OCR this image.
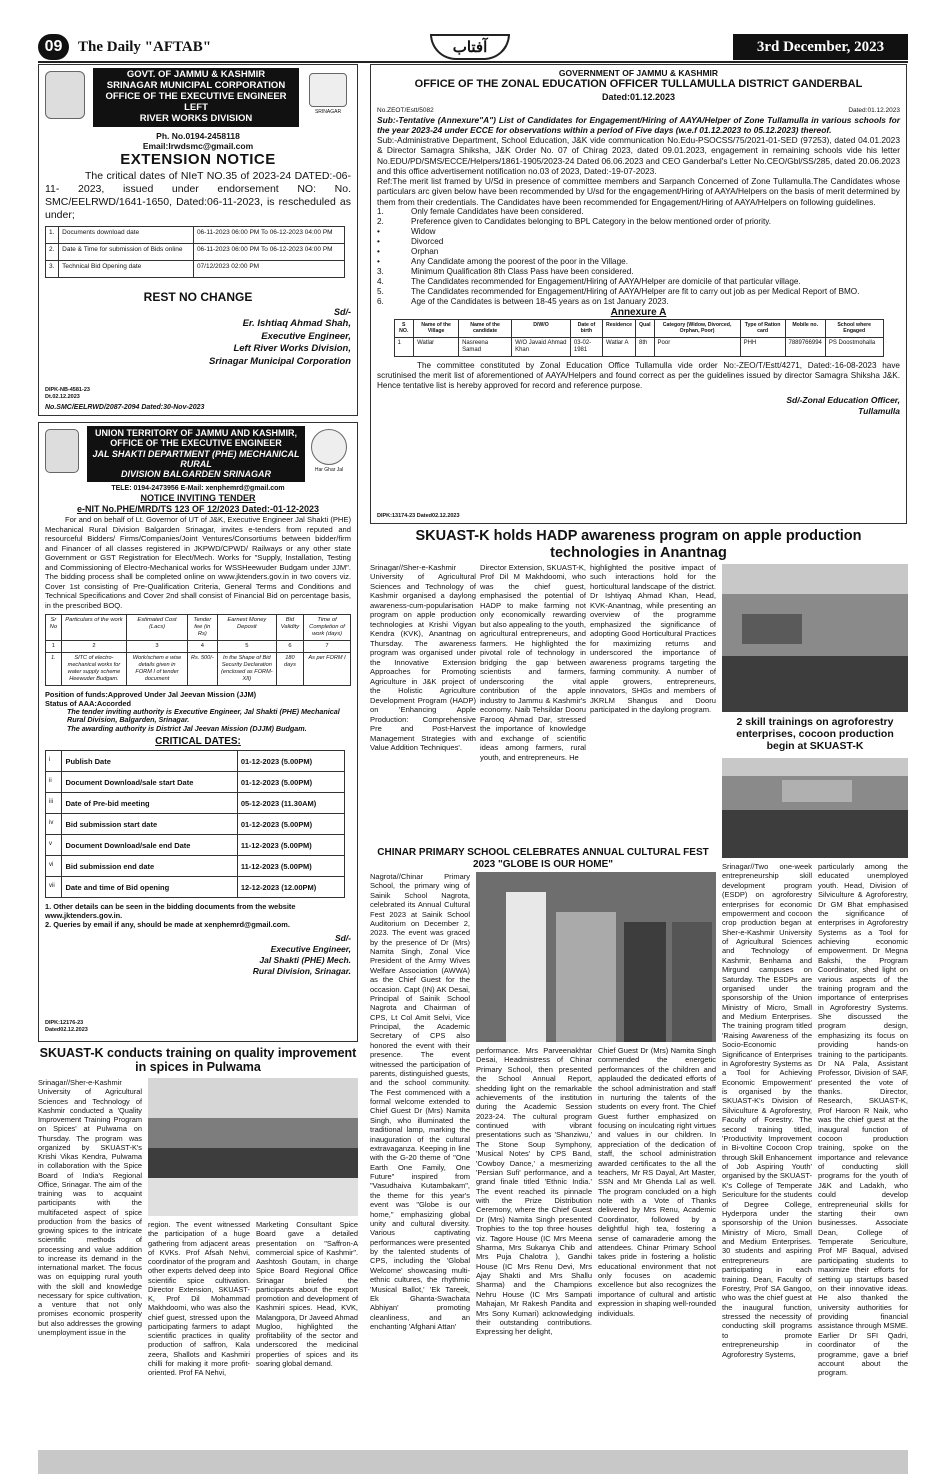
09	The Daily "AFTAB"	آفتاب	3rd December, 2023
SRINAGAR
GOVT. OF JAMMU & KASHMIR
SRINAGAR MUNICIPAL CORPORATION
OFFICE OF THE EXECUTIVE ENGINEER LEFT
RIVER WORKS DIVISION
Ph. No.0194-2458118
Email:lrwdsmc@gmail.com
EXTENSION NOTICE
The critical dates of NIeT NO.35 of 2023-24 DATED:-06-11- 2023, issued under endorsement NO: No. SMC/EELRWD/1641-1650, Dated:06-11-2023, is rescheduled as under;
1.	Documents download date	06-11-2023 06:00 PM To 06-12-2023 04:00 PM
2.	Date & Time for submission of Bids online	06-11-2023 06:00 PM To 06-12-2023 04:00 PM
3.	Technical Bid Opening date	07/12/2023 02:00 PM
REST NO CHANGE
Sd/-
Er. Ishtiaq Ahmad Shah,
Executive Engineer,
Left River Works Division,
Srinagar Municipal Corporation
DIPK-NB-4581-23
Dt.02.12.2023
No.SMC/EELRWD/2087-2094 Dated:30-Nov-2023
Har Ghar Jal
UNION TERRITORY OF JAMMU AND KASHMIR,
OFFICE OF THE EXECUTIVE ENGINEER
JAL SHAKTI DEPARTMENT (PHE) MECHANICAL RURAL
DIVISION BALGARDEN SRINAGAR
TELE: 0194-2473956 E-Mail: xenphemrd@gmail.com
NOTICE INVITING TENDER
e-NIT No.PHE/MRD/TS 123 OF 12/2023 Dated:-01-12-2023
For and on behalf of Lt. Governor of UT of J&K, Executive Engineer Jal Shakti (PHE) Mechanical Rural Division Balgarden Srinagar, invites e-tenders from reputed and resourceful Bidders/ Firms/Companies/Joint Ventures/Consortiums between bidder/firm and Financer of all classes registered in JKPWD/CPWD/ Railways or any other state Government or GST Registration for Elect/Mech. Works for "Supply, Installation, Testing and Commissioning of Electro-Mechanical works for WSSHeewuder Budgam under JJM". The bidding process shall be completed online on www.jktenders.gov.in in two covers viz. Cover 1st consisting of Pre-Qualification Criteria, General Terms and Conditions and Technical Specifications and Cover 2nd shall consist of Financial Bid on percentage basis, in the prescribed BOQ.
Sr No	Particulars of the work	Estimated Cost (Lacs)	Tender fee (in Rs)	Earnest Money Deposit	Bid Validity	Time of Completion of work (days)
1	2	3	4	5	6	7
1.	SITC of electro-mechanical works for water supply scheme Heewuder Budgam.	Work/schem e wise details given in FORM I of tender document	Rs. 500/-	In the Shape of Bid Security Declaration (enclosed as FORM-XII)	180 days	As per FORM I
Position of funds:Approved Under Jal Jeevan Mission (JJM)
Status of AAA:Accorded
The tender inviting authority is Executive Engineer, Jal Shakti (PHE) Mechanical Rural Division, Balgarden, Srinagar.
The awarding authority is District Jal Jeevan Mission (DJJM) Budgam.
CRITICAL DATES:
i	Publish Date	01-12-2023 (5.00PM)
ii	Document Download/sale start Date	01-12-2023 (5.00PM)
iii	Date of Pre-bid meeting	05-12-2023 (11.30AM)
iv	Bid submission start date	01-12-2023 (5.00PM)
v	Document Download/sale end Date	11-12-2023 (5.00PM)
vi	Bid submission end date	11-12-2023 (5.00PM)
vii	Date and time of Bid opening	12-12-2023 (12.00PM)
1. Other details can be seen in the bidding documents from the website www.jktenders.gov.in.
2. Queries by email if any, should be made at xenphemrd@gmail.com.
Sd/-
Executive Engineer,
Jal Shakti (PHE) Mech.
Rural Division, Srinagar.
DIPK:12176-23
Dated02.12.2023
GOVERNMENT OF JAMMU & KASHMIR
OFFICE OF THE ZONAL EDUCATION OFFICER TULLAMULLA DISTRICT GANDERBAL
Dated:01.12.2023
No.ZEOT/Estt/5082	Dated:01.12.2023
Sub:-Tentative (Annexure"A") List of Candidates for Engagement/Hiring of AAYA/Helper of Zone Tullamulla in various schools for the year 2023-24 under ECCE for observations within a period of Five days (w.e.f 01.12.2023 to 05.12.2023) thereof.
Sub:-Administrative Department, School Education, J&K vide communication No.Edu-PSOCSS/75/2021-01-SED (97253), dated 04.01.2023 & Director Samagra Shiksha, J&K Order No. 07 of Chirag 2023, dated 09.01.2023, engagement in remaining schools vide his letter No.EDU/PD/SMS/ECCE/Helpers/1861-1905/2023-24 Dated 06.06.2023 and CEO Ganderbal's Letter No.CEO/Gbl/SS/285, dated 20.06.2023 and this office advertisement notification no.03 of 2023, Dated:-19-07-2023.
Ref:The merit list framed by U/Sd in presence of committee members and Sarpanch Concerned of Zone Tullamulla.The Candidates whose particulars arc given below have been recommended by U/sd for the engagement/Hiring of AAYA/Helpers on the basis of merit determined by them from their credentials. The Candidates have been recommended for Engagement/Hiring of AAYA/Helpers on following guidelines.
1.	Only female Candidates have been considered.
2.	Preference given to Candidates belonging to BPL Category in the below mentioned order of priority.
•	Widow
•	Divorced
•	Orphan
•	Any Candidate among the poorest of the poor in the Village.
3.	Minimum Qualification 8th Class Pass have been considered.
4.	The Candidates recommended for Engagement/Hiring of AAYA/Helper are domicile of that particular village.
5.	The Candidates recommended for Engagement/Hiring of AAYA/Helper are fit to carry out job as per Medical Report of BMO.
6.	Age of the Candidates is between 18-45 years as on 1st January 2023.
Annexure A
S NO.	Name of the Village	Name of the candidate	D/W/O	Date of birth	Residence	Qual	Category (Widow, Divorced, Orphan, Poor)	Type of Ration card	Mobile no.	School where Engaged
1	Watlar	Nasreena Samad	W/O Javaid Ahmad Khan	03-02-1981	Watlar A	8th	Poor	PHH	7889766994	PS Doostmohalla
The committee constituted by Zonal Education Office Tullamulla vide order No:-ZEO/T/Estt/4271, Dated:-16-08-2023 have scrutinised the merit list of aforementioned of AAYA/Helpers and found correct as per the guidelines issued by director Samagra Shiksha J&K. Hence tentative list is hereby approved for record and reference purpose.
Sd/-Zonal Education Officer,
Tullamulla
DIPK:13174-23 Dated02.12.2023
SKUAST-K holds HADP awareness program on apple production technologies in Anantnag
Srinagar//Sher-e-Kashmir University of Agricultural Sciences and Technology of Kashmir organised a daylong awareness-cum-popularisation program on apple production technologies at Krishi Vigyan Kendra (KVK), Anantnag on Thursday. The awareness program was organised under the Innovative Extension Approaches for Promoting Agriculture in J&K project of the Holistic Agriculture Development Program (HADP) on 'Enhancing Apple Production: Comprehensive Pre and Post-Harvest Management Strategies with Value Addition Techniques'.
Director Extension, SKUAST-K, Prof Dil M Makhdoomi, who was the chief guest, emphasised the potential of HADP to make farming not only economically rewarding but also appealing to the youth, agricultural entrepreneurs, and farmers. He highlighted the pivotal role of technology in bridging the gap between scientists and farmers, underscoring the vital contribution of the apple industry to Jammu & Kashmir's economy. Naib Tehsildar Dooru Farooq Ahmad Dar, stressed the importance of knowledge and exchange of scientific ideas among farmers, rural youth, and entrepreneurs. He
highlighted the positive impact of such interactions hold for the horticultural landscape of the district. Dr Ishtiyaq Ahmad Khan, Head, KVK-Anantnag, while presenting an overview of the programme emphasized the significance of adopting Good Horticultural Practices for maximizing returns and underscored the importance of awareness programs targeting the farming community. A number of apple growers, entrepreneurs, innovators, SHGs and members of JKRLM Shangus and Dooru participated in the daylong program.
2 skill trainings on agroforestry enterprises, cocoon production begin at SKUAST-K
Srinagar//Two one-week entrepreneurship skill development program (ESDP) on agroforestry enterprises for economic empowerment and cocoon crop production began at Sher-e-Kashmir University of Agricultural Sciences and Technology of Kashmir, Benhama and Mirgund campuses on Saturday. The ESDPs are organised under the sponsorship of the Union Ministry of Micro, Small and Medium Enterprises. The training program titled 'Raising Awareness of the Socio-Economic Significance of Enterprises in Agroforestry Systems as a Tool for Achieving Economic Empowerment' is organised by the SKUAST-K's Division of Silviculture & Agroforestry, Faculty of Forestry. The second training titled, 'Productivity Improvement in Bi-voltine Cocoon Crop through Skill Enhancement of Job Aspiring Youth' organised by the SKUAST-K's College of Temperate Sericulture for the students of Degree College, Hyderpora under the sponsorship of the Union Ministry of Micro, Small and Medium Enterprises. 30 students and aspiring entrepreneurs are participating in each training. Dean, Faculty of Forestry, Prof SA Gangoo, who was the chief guest at the inaugural function, stressed the necessity of conducting skill programs to promote entrepreneurship in Agroforestry Systems,
particularly among the educated unemployed youth. Head, Division of Silviculture & Agroforestry, Dr GM Bhat emphasised the significance of enterprises in Agroforestry Systems as a Tool for achieving economic empowerment. Dr Megna Bakshi, the Program Coordinator, shed light on various aspects of the training program and the importance of enterprises in Agroforestry Systems. She discussed the program design, emphasizing its focus on providing hands-on training to the participants. Dr NA Pala, Assistant Professor, Division of SAF, presented the vote of thanks. Director, Research, SKUAST-K, Prof Haroon R Naik, who was the chief guest at the inaugural function of cocoon production training, spoke on the importance and relevance of conducting skill programs for the youth of J&K and Ladakh, who could develop entrepreneurial skills for starting their own businesses. Associate Dean, College of Temperate Sericulture, Prof MF Baqual, advised participating students to maximize their efforts for setting up startups based on their innovative ideas. He also thanked the university authorities for providing financial assistance through MSME. Earlier Dr SFI Qadri, coordinator of the programme, gave a brief account about the program.
CHINAR PRIMARY SCHOOL CELEBRATES ANNUAL CULTURAL FEST 2023 "GLOBE IS OUR HOME"
Nagrota//Chinar Primary School, the primary wing of Sainik School Nagrota, celebrated its Annual Cultural Fest 2023 at Sainik School Auditorium on December 2, 2023. The event was graced by the presence of Dr (Mrs) Namita Singh, Zonal Vice President of the Army Wives Welfare Association (AWWA) as the Chief Guest for the occasion. Capt (IN) AK Desai, Principal of Sainik School Nagrota and Chairman of CPS, Lt Col Amit Selvi, Vice Principal, the Academic Secretary of CPS also honored the event with their presence. The event witnessed the participation of parents, distinguished guests, and the school community. The Fest commenced with a formal welcome extended to Chief Guest Dr (Mrs) Namita Singh, who illuminated the traditional lamp, marking the inauguration of the cultural extravaganza. Keeping in line with the G-20 theme of "One Earth One Family, One Future" inspired from "Vasudhaiva Kutambakam", the theme for this year's event was "Globe is our home," emphasizing global unity and cultural diversity. Various captivating performances were presented by the talented students of CPS, including the 'Global Welcome' showcasing multi-ethnic cultures, the rhythmic 'Musical Ballot,' 'Ek Tareek, Ek Ghanta-Swachata Abhiyan' promoting cleanliness, and an enchanting 'Afghani Attan'
performance. Mrs Parveenakhtar Desai, Headmistress of Chinar Primary School, then presented the School Annual Report, shedding light on the remarkable achievements of the institution during the Academic Session 2023-24. The cultural program continued with vibrant presentations such as 'Shanziwu,' The Stone Soup Symphony, 'Musical Notes' by CPS Band, 'Cowboy Dance,' a mesmerizing 'Persian Sufi' performance, and a grand finale titled 'Ethnic India.' The event reached its pinnacle with the Prize Distribution Ceremony, where the Chief Guest Dr (Mrs) Namita Singh presented Trophies to the top three houses viz. Tagore House (IC Mrs Meena Sharma, Mrs Sukanya Chib and Mrs Puja Chalotra ), Gandhi House (IC Mrs Renu Devi, Mrs Ajay Shakti and Mrs Shallu Sharma) and the Champions Nehru House (IC Mrs Sampati Mahajan, Mr Rakesh Pandita and Mrs Sony Kumari) acknowledging their outstanding contributions. Expressing her delight,
Chief Guest Dr (Mrs) Namita Singh commended the energetic performances of the children and applauded the dedicated efforts of the school administration and staff in nurturing the talents of the students on every front. The Chief Guest further emphasized on focusing on inculcating right virtues and values in our children. In appreciation of the dedication of staff, the school administration awarded certificates to the all the teachers, Mr RS Dayal, Art Master, SSN and Mr Ghenda Lal as well. The program concluded on a high note with a Vote of Thanks delivered by Mrs Renu, Academic Coordinator, followed by a delightful high tea, fostering a sense of camaraderie among the attendees. Chinar Primary School takes pride in fostering a holistic educational environment that not only focuses on academic excellence but also recognizes the importance of cultural and artistic expression in shaping well-rounded individuals.
SKUAST-K conducts training on quality improvement in spices in Pulwama
Srinagar//Sher-e-Kashmir University of Agricultural Sciences and Technology of Kashmir conducted a 'Quality Improvement Training Program on Spices' at Pulwama on Thursday. The program was organized by SKUAST-K's Krishi Vikas Kendra, Pulwama in collaboration with the Spice Board of India's Regional Office, Srinagar. The aim of the training was to acquaint participants with the multifaceted aspect of spice production from the basics of growing spices to the intricate scientific methods of processing and value addition to increase its demand in the international market. The focus was on equipping rural youth with the skill and knowledge necessary for spice cultivation, a venture that not only promises economic prosperity but also addresses the growing unemployment issue in the
region. The event witnessed the participation of a huge gathering from adjacent areas of KVKs. Prof Afsah Nehvi, coordinator of the program and other experts delved deep into scientific spice cultivation. Director Extension, SKUAST-K, Prof Dil Mohammad Makhdoomi, who was also the chief guest, stressed upon the participating farmers to adapt scientific practices in quality production of saffron, Kala zeera, Shallots and Kashmiri chilli for making it more profit-oriented. Prof FA Nehvi,
Marketing Consultant Spice Board gave a detailed presentation on "Saffron-A commercial spice of Kashmir". Aashtosh Goutam, in charge Spice Board Regional Office Srinagar briefed the participants about the export promotion and development of Kashmiri spices. Head, KVK, Malangpora, Dr Javeed Ahmad Mugloo, highlighted the profitability of the sector and underscored the medicinal properties of spices and its soaring global demand.
